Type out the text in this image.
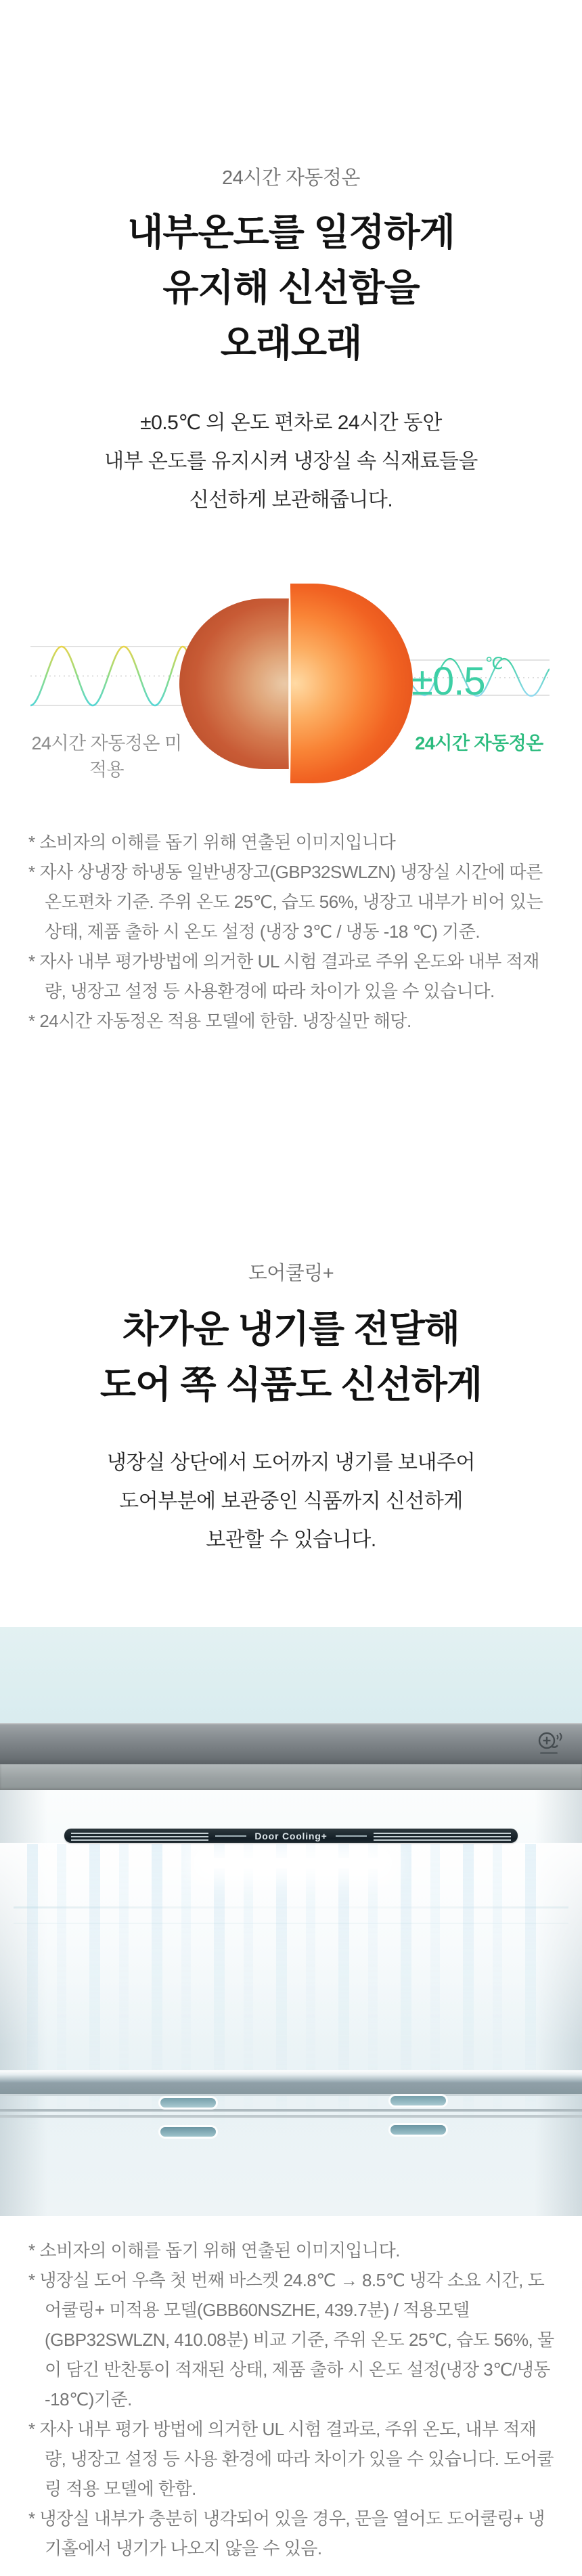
24시간 자동정온
내부온도를 일정하게
유지해 신선함을
오래오래
±0.5℃ 의 온도 편차로 24시간 동안
내부 온도를 유지시켜 냉장실 속 식재료들을
신선하게 보관해줍니다.
±0.5℃
24시간 자동정온 미적용
24시간 자동정온

* 소비자의 이해를 돕기 위해 연출된 이미지입니다

* 자사 상냉장 하냉동 일반냉장고(GBP32SWLZN) 냉장실 시간에 따른 온도편차 기준. 주위 온도 25℃, 습도 56%, 냉장고 내부가 비어 있는 상태, 제품 출하 시 온도 설정 (냉장 3℃ / 냉동 -18 ℃) 기준.

* 자사 내부 평가방법에 의거한 UL 시험 결과로 주위 온도와 내부 적재량, 냉장고 설정 등 사용환경에 따라 차이가 있을 수 있습니다.

* 24시간 자동정온 적용 모델에 한함. 냉장실만 해당.

도어쿨링+
차가운 냉기를 전달해
도어 쪽 식품도 신선하게
냉장실 상단에서 도어까지 냉기를 보내주어
도어부분에 보관중인 식품까지 신선하게
보관할 수 있습니다.
Door Cooling+

* 소비자의 이해를 돕기 위해 연출된 이미지입니다.

* 냉장실 도어 우측 첫 번째 바스켓 24.8℃ → 8.5℃ 냉각 소요 시간, 도어쿨링+ 미적용 모델(GBB60NSZHE, 439.7분) / 적용모델 (GBP32SWLZN, 410.08분) 비교 기준, 주위 온도 25℃, 습도 56%, 물이 담긴 반찬통이 적재된 상태, 제품 출하 시 온도 설정(냉장 3℃/냉동 -18℃)기준.

* 자사 내부 평가 방법에 의거한 UL 시험 결과로, 주위 온도, 내부 적재량, 냉장고 설정 등 사용 환경에 따라 차이가 있을 수 있습니다. 도어쿨링 적용 모델에 한함.

* 냉장실 내부가 충분히 냉각되어 있을 경우, 문을 열어도 도어쿨링+ 냉기홀에서 냉기가 나오지 않을 수 있음.
